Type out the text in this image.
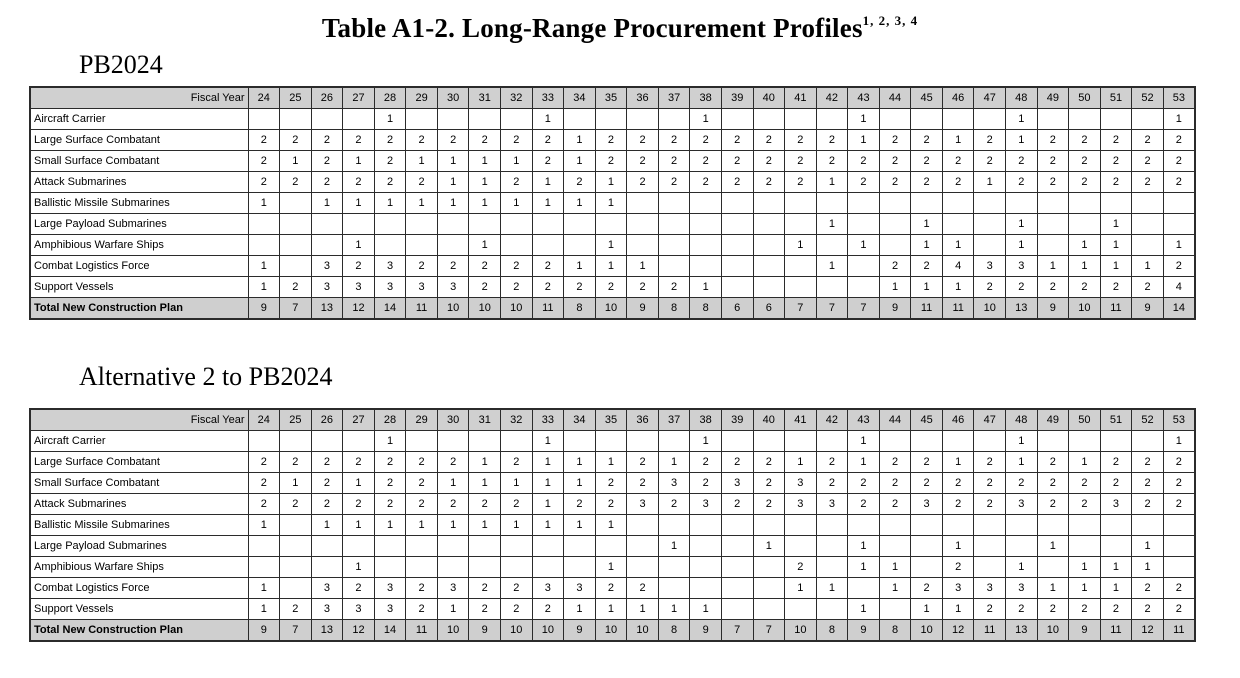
Table A1-2. Long-Range Procurement Profiles$^{1, 2, 3, 4}$
PB2024
Fiscal Year	24	25	26	27	28	29	30	31	32	33	34	35	36	37	38	39	40	41	42	43	44	45	46	47	48	49	50	51	52	53
Aircraft Carrier					1					1					1					1					1					1
Large Surface Combatant	2	2	2	2	2	2	2	2	2	2	1	2	2	2	2	2	2	2	2	1	2	2	1	2	1	2	2	2	2	2
Small Surface Combatant	2	1	2	1	2	1	1	1	1	2	1	2	2	2	2	2	2	2	2	2	2	2	2	2	2	2	2	2	2	2
Attack Submarines	2	2	2	2	2	2	1	1	2	1	2	1	2	2	2	2	2	2	1	2	2	2	2	1	2	2	2	2	2	2
Ballistic Missile Submarines	1		1	1	1	1	1	1	1	1	1	1																		
Large Payload Submarines																			1			1			1			1		
Amphibious Warfare Ships				1				1				1						1		1		1	1		1		1	1		1
Combat Logistics Force	1		3	2	3	2	2	2	2	2	1	1	1						1		2	2	4	3	3	1	1	1	1	2
Support Vessels	1	2	3	3	3	3	3	2	2	2	2	2	2	2	1						1	1	1	2	2	2	2	2	2	4
Total New Construction Plan	9	7	13	12	14	11	10	10	10	11	8	10	9	8	8	6	6	7	7	7	9	11	11	10	13	9	10	11	9	14
Alternative 2 to PB2024
Fiscal Year	24	25	26	27	28	29	30	31	32	33	34	35	36	37	38	39	40	41	42	43	44	45	46	47	48	49	50	51	52	53
Aircraft Carrier					1					1					1					1					1					1
Large Surface Combatant	2	2	2	2	2	2	2	1	2	1	1	1	2	1	2	2	2	1	2	1	2	2	1	2	1	2	1	2	2	2
Small Surface Combatant	2	1	2	1	2	2	1	1	1	1	1	2	2	3	2	3	2	3	2	2	2	2	2	2	2	2	2	2	2	2
Attack Submarines	2	2	2	2	2	2	2	2	2	1	2	2	3	2	3	2	2	3	3	2	2	3	2	2	3	2	2	3	2	2
Ballistic Missile Submarines	1		1	1	1	1	1	1	1	1	1	1																		
Large Payload Submarines														1			1			1			1			1			1	
Amphibious Warfare Ships				1								1						2		1	1		2		1		1	1	1	
Combat Logistics Force	1		3	2	3	2	3	2	2	3	3	2	2					1	1		1	2	3	3	3	1	1	1	2	2
Support Vessels	1	2	3	3	3	2	1	2	2	2	1	1	1	1	1					1		1	1	2	2	2	2	2	2	2
Total New Construction Plan	9	7	13	12	14	11	10	9	10	10	9	10	10	8	9	7	7	10	8	9	8	10	12	11	13	10	9	11	12	11
